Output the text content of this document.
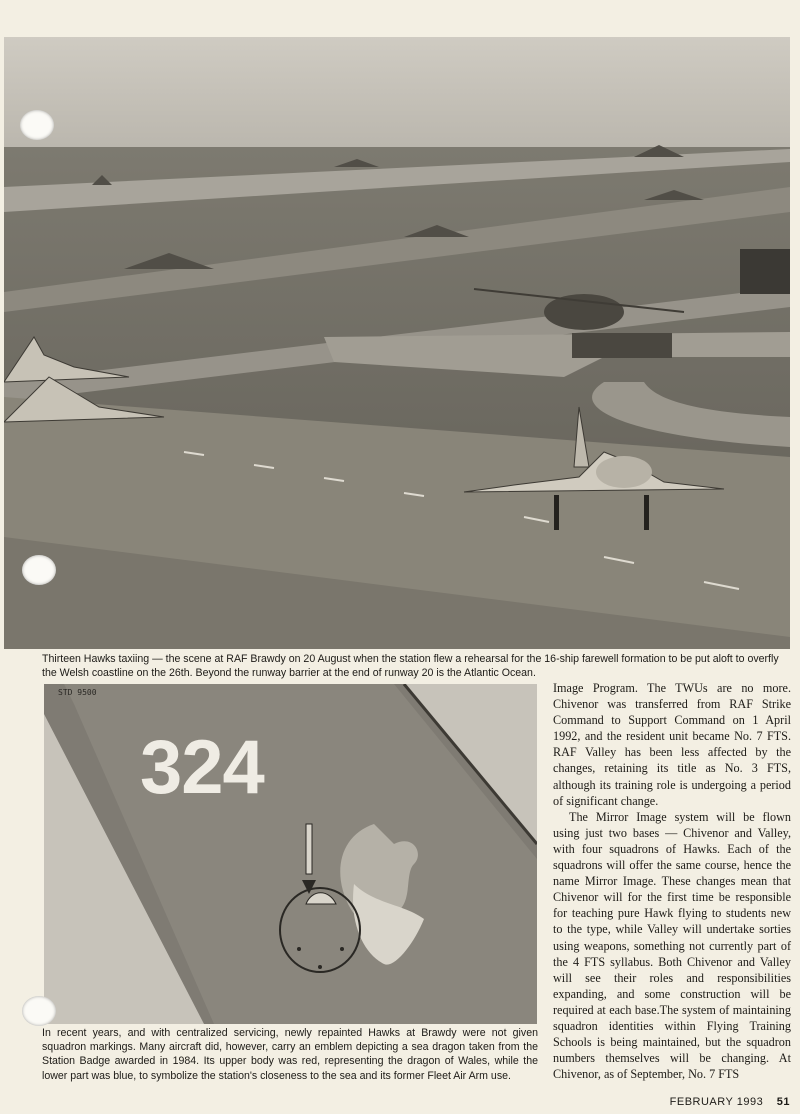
Thirteen Hawks taxiing — the scene at RAF Brawdy on 20 August when the station flew a rehearsal for the 16-ship farewell formation to be put aloft to overfly the Welsh coastline on the 26th. Beyond the runway barrier at the end of runway 20 is the Atlantic Ocean.
STD 9500
324
In recent years, and with centralized servicing, newly repainted Hawks at Brawdy were not given squadron markings. Many aircraft did, however, carry an emblem depicting a sea dragon taken from the Station Badge awarded in 1984. Its upper body was red, representing the dragon of Wales, while the lower part was blue, to symbolize the station's closeness to the sea and its former Fleet Air Arm use.

Image Program. The TWUs are no more. Chivenor was transferred from RAF Strike Command to Support Command on 1 April 1992, and the resident unit became No. 7 FTS. RAF Valley has been less affected by the changes, retaining its title as No. 3 FTS, although its training role is undergoing a period of significant change.

The Mirror Image system will be flown using just two bases — Chivenor and Valley, with four squadrons of Hawks. Each of the squadrons will offer the same course, hence the name Mirror Image. These changes mean that Chivenor will for the first time be responsible for teaching pure Hawk flying to students new to the type, while Valley will undertake sorties using weapons, something not currently part of the 4 FTS syllabus. Both Chivenor and Valley will see their roles and responsibilities expanding, and some construction will be required at each base.The system of maintaining squadron identities within Flying Training Schools is being maintained, but the squadron numbers themselves will be changing. At Chivenor, as of September, No. 7 FTS

FEBRUARY 1993 51
